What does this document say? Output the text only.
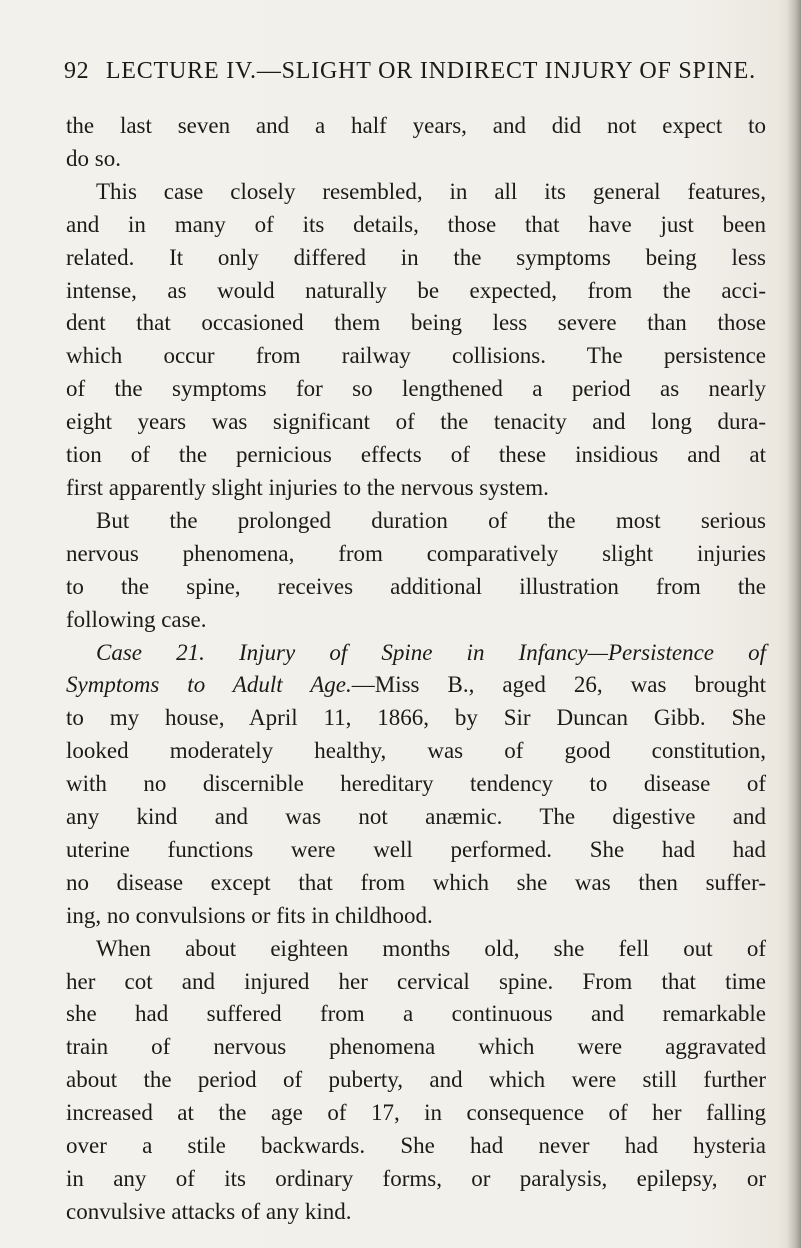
92 LECTURE IV.—SLIGHT OR INDIRECT INJURY OF SPINE.
the last seven and a half years, and did not expect to
do so.
This case closely resembled, in all its general features,
and in many of its details, those that have just been
related. It only differed in the symptoms being less
intense, as would naturally be expected, from the acci-
dent that occasioned them being less severe than those
which occur from railway collisions. The persistence
of the symptoms for so lengthened a period as nearly
eight years was significant of the tenacity and long dura-
tion of the pernicious effects of these insidious and at
first apparently slight injuries to the nervous system.
But the prolonged duration of the most serious
nervous phenomena, from comparatively slight injuries
to the spine, receives additional illustration from the
following case.
Case 21. Injury of Spine in Infancy—Persistence of
Symptoms to Adult Age.—Miss B., aged 26, was brought
to my house, April 11, 1866, by Sir Duncan Gibb. She
looked moderately healthy, was of good constitution,
with no discernible hereditary tendency to disease of
any kind and was not anæmic. The digestive and
uterine functions were well performed. She had had
no disease except that from which she was then suffer-
ing, no convulsions or fits in childhood.
When about eighteen months old, she fell out of
her cot and injured her cervical spine. From that time
she had suffered from a continuous and remarkable
train of nervous phenomena which were aggravated
about the period of puberty, and which were still further
increased at the age of 17, in consequence of her falling
over a stile backwards. She had never had hysteria
in any of its ordinary forms, or paralysis, epilepsy, or
convulsive attacks of any kind.
